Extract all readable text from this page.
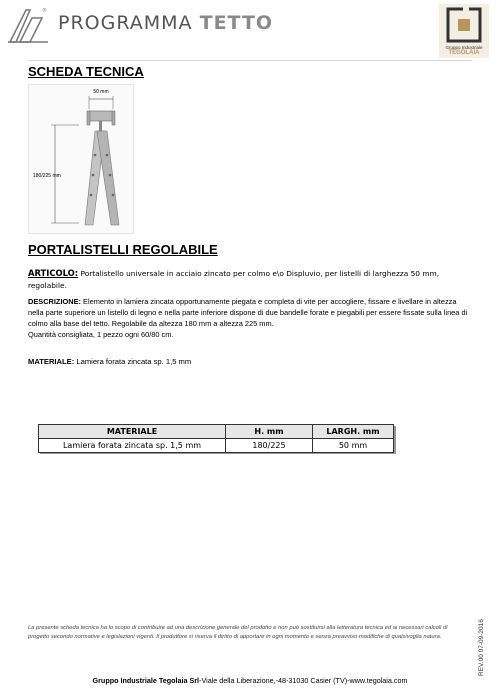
®
PROGRAMMA TETTO
Gruppo Industriale
TEGOLAIA
SCHEDA TECNICA
50 mm
180/225 mm
PORTALISTELLI REGOLABILE
ARTICOLO: Portalistello universale in acciaio zincato per colmo e\o Displuvio, per listelli di larghezza 50 mm, regolabile.
DESCRIZIONE: Elemento in lamiera zincata opportunamente piegata e completa di vite per accogliere, fissare e livellare in altezza nella parte superiore un listello di legno e nella parte inferiore dispone di due bandelle forate e piegabili per essere fissate sulla linea di colmo alla base del tetto. Regolabile da altezza 180 mm a altezza 225 mm.
Quantità consigliata, 1 pezzo ogni 60/80 cm.
MATERIALE: Lamiera forata zincata sp. 1,5 mm
MATERIALE	H. mm	LARGH. mm
Lamiera forata zincata sp. 1,5 mm	180/225	50 mm
La presente scheda tecnica ha lo scopo di contribuire ad una descrizione generale del prodotto e non può sostituirsi alla letteratura tecnica ed ai necessari calcoli di progetto secondo normative e legislazioni vigenti. Il produttore si riserva il diritto di apportare in ogni momento e senza preavviso modifiche di qualsivoglia natura.	REV.00 07-09-2016
Gruppo Industriale Tegolaia Srl-Viale della Liberazione,-48-31030 Casier (TV)-www.tegolaia.com
